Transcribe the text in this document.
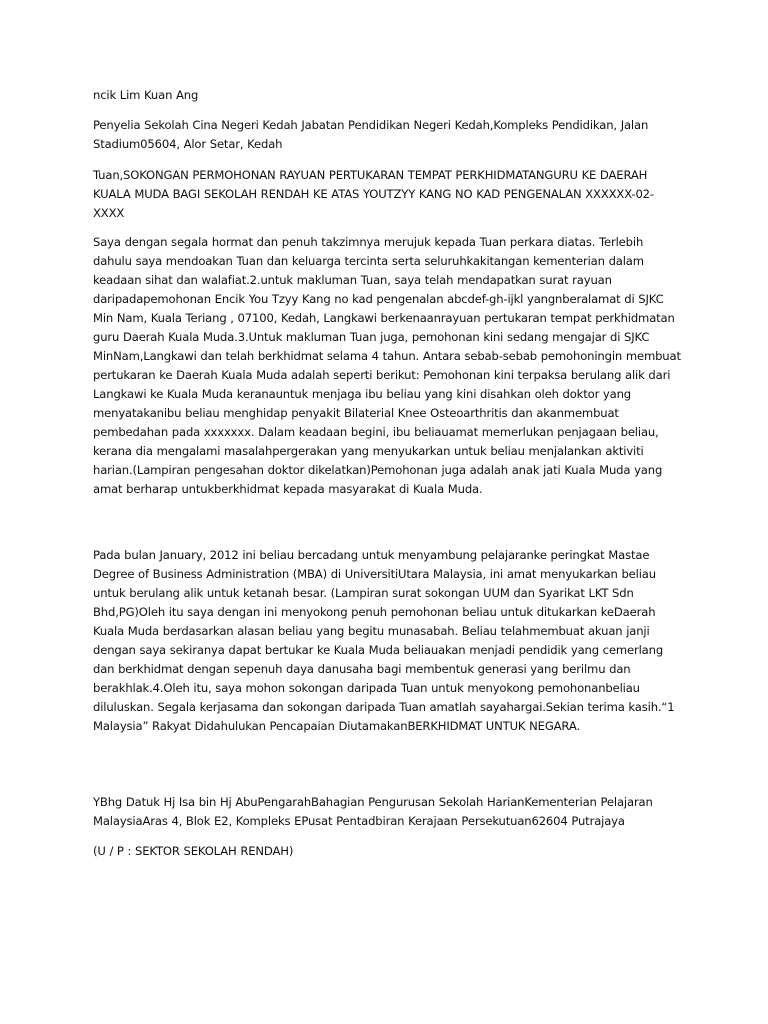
ncik Lim Kuan Ang

Penyelia Sekolah Cina Negeri Kedah Jabatan Pendidikan Negeri Kedah,Kompleks Pendidikan, Jalan Stadium05604, Alor Setar, Kedah

Tuan,SOKONGAN PERMOHONAN RAYUAN PERTUKARAN TEMPAT PERKHIDMATANGURU KE DAERAH KUALA MUDA BAGI SEKOLAH RENDAH KE ATAS YOUTZYY KANG NO KAD PENGENALAN XXXXXX-02-XXXX

Saya dengan segala hormat dan penuh takzimnya merujuk kepada Tuan perkara diatas. Terlebih dahulu saya mendoakan Tuan dan keluarga tercinta serta seluruhkakitangan kementerian dalam keadaan sihat dan walafiat.2.untuk makluman Tuan, saya telah mendapatkan surat rayuan daripadapemohonan Encik You Tzyy Kang no kad pengenalan abcdef-gh-ijkl yangnberalamat di SJKC Min Nam, Kuala Teriang , 07100, Kedah, Langkawi berkenaanrayuan pertukaran tempat perkhidmatan guru Daerah Kuala Muda.3.Untuk makluman Tuan juga, pemohonan kini sedang mengajar di SJKC MinNam,Langkawi dan telah berkhidmat selama 4 tahun. Antara sebab-sebab pemohoningin membuat pertukaran ke Daerah Kuala Muda adalah seperti berikut: Pemohonan kini terpaksa berulang alik dari Langkawi ke Kuala Muda keranauntuk menjaga ibu beliau yang kini disahkan oleh doktor yang menyatakanibu beliau menghidap penyakit Bilaterial Knee Osteoarthritis dan akanmembuat pembedahan pada xxxxxxx. Dalam keadaan begini, ibu beliauamat memerlukan penjagaan beliau, kerana dia mengalami masalahpergerakan yang menyukarkan untuk beliau menjalankan aktiviti harian.(Lampiran pengesahan doktor dikelatkan)Pemohonan juga adalah anak jati Kuala Muda yang amat berharap untukberkhidmat kepada masyarakat di Kuala Muda.

Pada bulan January, 2012 ini beliau bercadang untuk menyambung pelajaranke peringkat Mastae Degree of Business Administration (MBA) di UniversitiUtara Malaysia, ini amat menyukarkan beliau untuk berulang alik untuk ketanah besar. (Lampiran surat sokongan UUM dan Syarikat LKT Sdn Bhd,PG)Oleh itu saya dengan ini menyokong penuh pemohonan beliau untuk ditukarkan keDaerah Kuala Muda berdasarkan alasan beliau yang begitu munasabah. Beliau telahmembuat akuan janji dengan saya sekiranya dapat bertukar ke Kuala Muda beliauakan menjadi pendidik yang cemerlang dan berkhidmat dengan sepenuh daya danusaha bagi membentuk generasi yang berilmu dan berakhlak.4.Oleh itu, saya mohon sokongan daripada Tuan untuk menyokong pemohonanbeliau diluluskan. Segala kerjasama dan sokongan daripada Tuan amatlah sayahargai.Sekian terima kasih.“1 Malaysia” Rakyat Didahulukan Pencapaian DiutamakanBERKHIDMAT UNTUK NEGARA.

YBhg Datuk Hj Isa bin Hj AbuPengarahBahagian Pengurusan Sekolah HarianKementerian Pelajaran MalaysiaAras 4, Blok E2, Kompleks EPusat Pentadbiran Kerajaan Persekutuan62604 Putrajaya

(U / P : SEKTOR SEKOLAH RENDAH)
